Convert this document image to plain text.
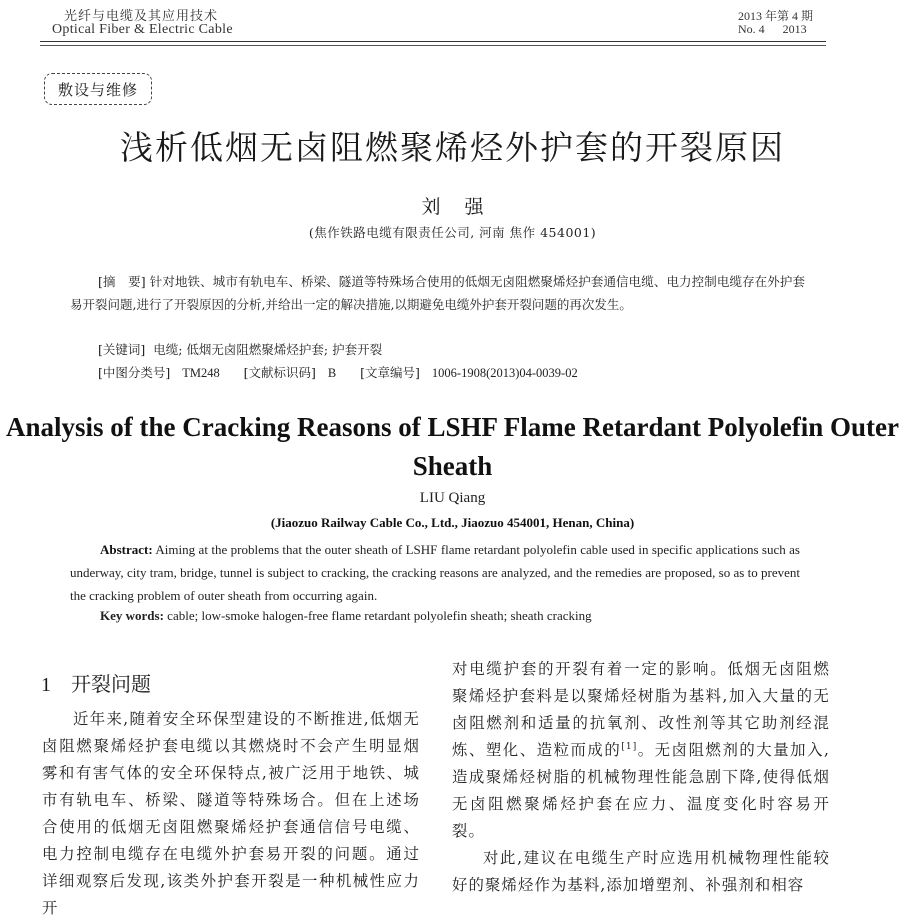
光纤与电缆及其应用技术
Optical Fiber & Electric Cable
2013 年第 4 期
No. 4      2013
敷设与维修
浅析低烟无卤阻燃聚烯烃外护套的开裂原因
刘 强
(焦作铁路电缆有限责任公司, 河南 焦作 454001)

[摘　要] 针对地铁、城市有轨电车、桥梁、隧道等特殊场合使用的低烟无卤阻燃聚烯烃护套通信电缆、电力控制电缆存在外护套易开裂问题,进行了开裂原因的分析,并给出一定的解决措施,以期避免电缆外护套开裂问题的再次发生。

[关键词] 电缆; 低烟无卤阻燃聚烯烃护套; 护套开裂
[中图分类号] TM248 [文献标识码] B [文章编号] 1006-1908(2013)04-0039-02
Analysis of the Cracking Reasons of LSHF Flame Retardant Polyolefin Outer Sheath
LIU Qiang
(Jiaozuo Railway Cable Co., Ltd., Jiaozuo 454001, Henan, China)

Abstract: Aiming at the problems that the outer sheath of LSHF flame retardant polyolefin cable used in specific applications such as underway, city tram, bridge, tunnel is subject to cracking, the cracking reasons are analyzed, and the remedies are proposed, so as to prevent the cracking problem of outer sheath from occurring again.

Key words: cable; low-smoke halogen-free flame retardant polyolefin sheath; sheath cracking
1 开裂问题

近年来,随着安全环保型建设的不断推进,低烟无卤阻燃聚烯烃护套电缆以其燃烧时不会产生明显烟雾和有害气体的安全环保特点,被广泛用于地铁、城市有轨电车、桥梁、隧道等特殊场合。但在上述场合使用的低烟无卤阻燃聚烯烃护套通信信号电缆、电力控制电缆存在电缆外护套易开裂的问题。通过详细观察后发现,该类外护套开裂是一种机械性应力开

对电缆护套的开裂有着一定的影响。低烟无卤阻燃聚烯烃护套料是以聚烯烃树脂为基料,加入大量的无卤阻燃剂和适量的抗氧剂、改性剂等其它助剂经混炼、塑化、造粒而成的[1]。无卤阻燃剂的大量加入,造成聚烯烃树脂的机械物理性能急剧下降,使得低烟无卤阻燃聚烯烃护套在应力、温度变化时容易开裂。

对此,建议在电缆生产时应选用机械物理性能较好的聚烯烃作为基料,添加增塑剂、补强剂和相容
